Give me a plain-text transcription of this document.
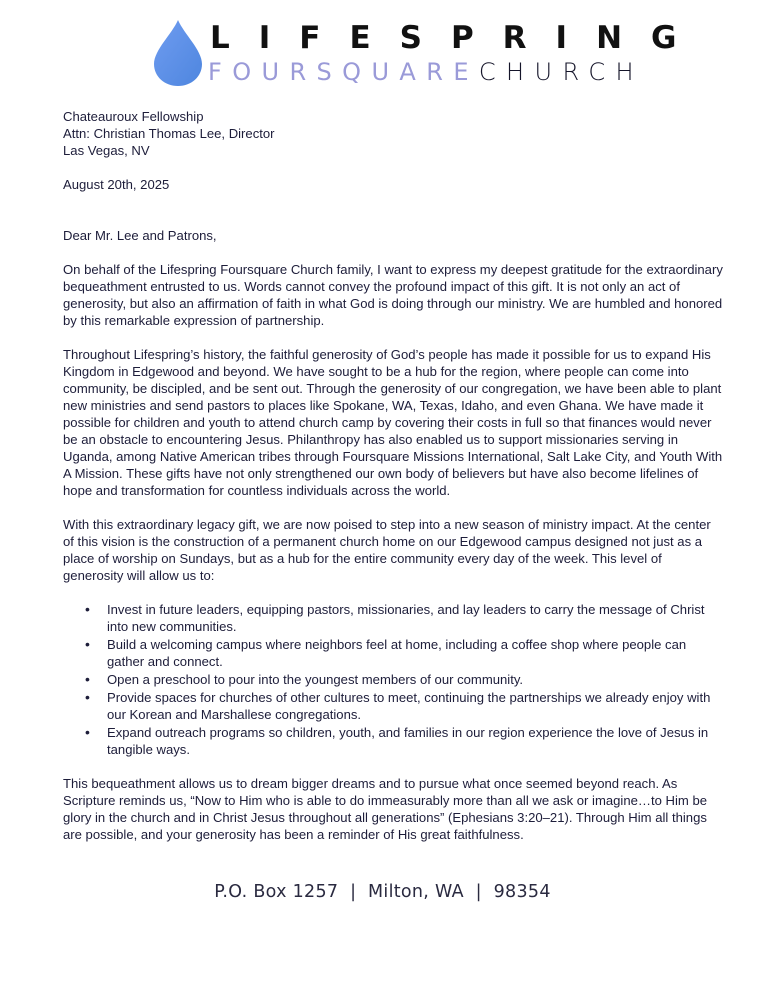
LIFESPRING
FOURSQUARECHURCH
Chateauroux Fellowship
Attn: Christian Thomas Lee, Director
Las Vegas, NV
August 20th, 2025
Dear Mr. Lee and Patrons,

On behalf of the Lifespring Foursquare Church family, I want to express my deepest gratitude for the extraordinary bequeathment entrusted to us. Words cannot convey the profound impact of this gift. It is not only an act of generosity, but also an affirmation of faith in what God is doing through our ministry. We are humbled and honored by this remarkable expression of partnership.

Throughout Lifespring’s history, the faithful generosity of God’s people has made it possible for us to expand His Kingdom in Edgewood and beyond. We have sought to be a hub for the region, where people can come into community, be discipled, and be sent out. Through the generosity of our congregation, we have been able to plant new ministries and send pastors to places like Spokane, WA, Texas, Idaho, and even Ghana. We have made it possible for children and youth to attend church camp by covering their costs in full so that finances would never be an obstacle to encountering Jesus. Philanthropy has also enabled us to support missionaries serving in Uganda, among Native American tribes through Foursquare Missions International, Salt Lake City, and Youth With A Mission. These gifts have not only strengthened our own body of believers but have also become lifelines of hope and transformation for countless individuals across the world.

With this extraordinary legacy gift, we are now poised to step into a new season of ministry impact. At the center of this vision is the construction of a permanent church home on our Edgewood campus designed not just as a place of worship on Sundays, but as a hub for the entire community every day of the week. This level of generosity will allow us to:

• Invest in future leaders, equipping pastors, missionaries, and lay leaders to carry the message of Christ into new communities.
• Build a welcoming campus where neighbors feel at home, including a coffee shop where people can gather and connect.
• Open a preschool to pour into the youngest members of our community.
• Provide spaces for churches of other cultures to meet, continuing the partnerships we already enjoy with our Korean and Marshallese congregations.
• Expand outreach programs so children, youth, and families in our region experience the love of Jesus in tangible ways.

This bequeathment allows us to dream bigger dreams and to pursue what once seemed beyond reach. As Scripture reminds us, “Now to Him who is able to do immeasurably more than all we ask or imagine…to Him be glory in the church and in Christ Jesus throughout all generations” (Ephesians 3:20–21). Through Him all things are possible, and your generosity has been a reminder of His great faithfulness.

P.O. Box 1257  |  Milton, WA  |  98354
